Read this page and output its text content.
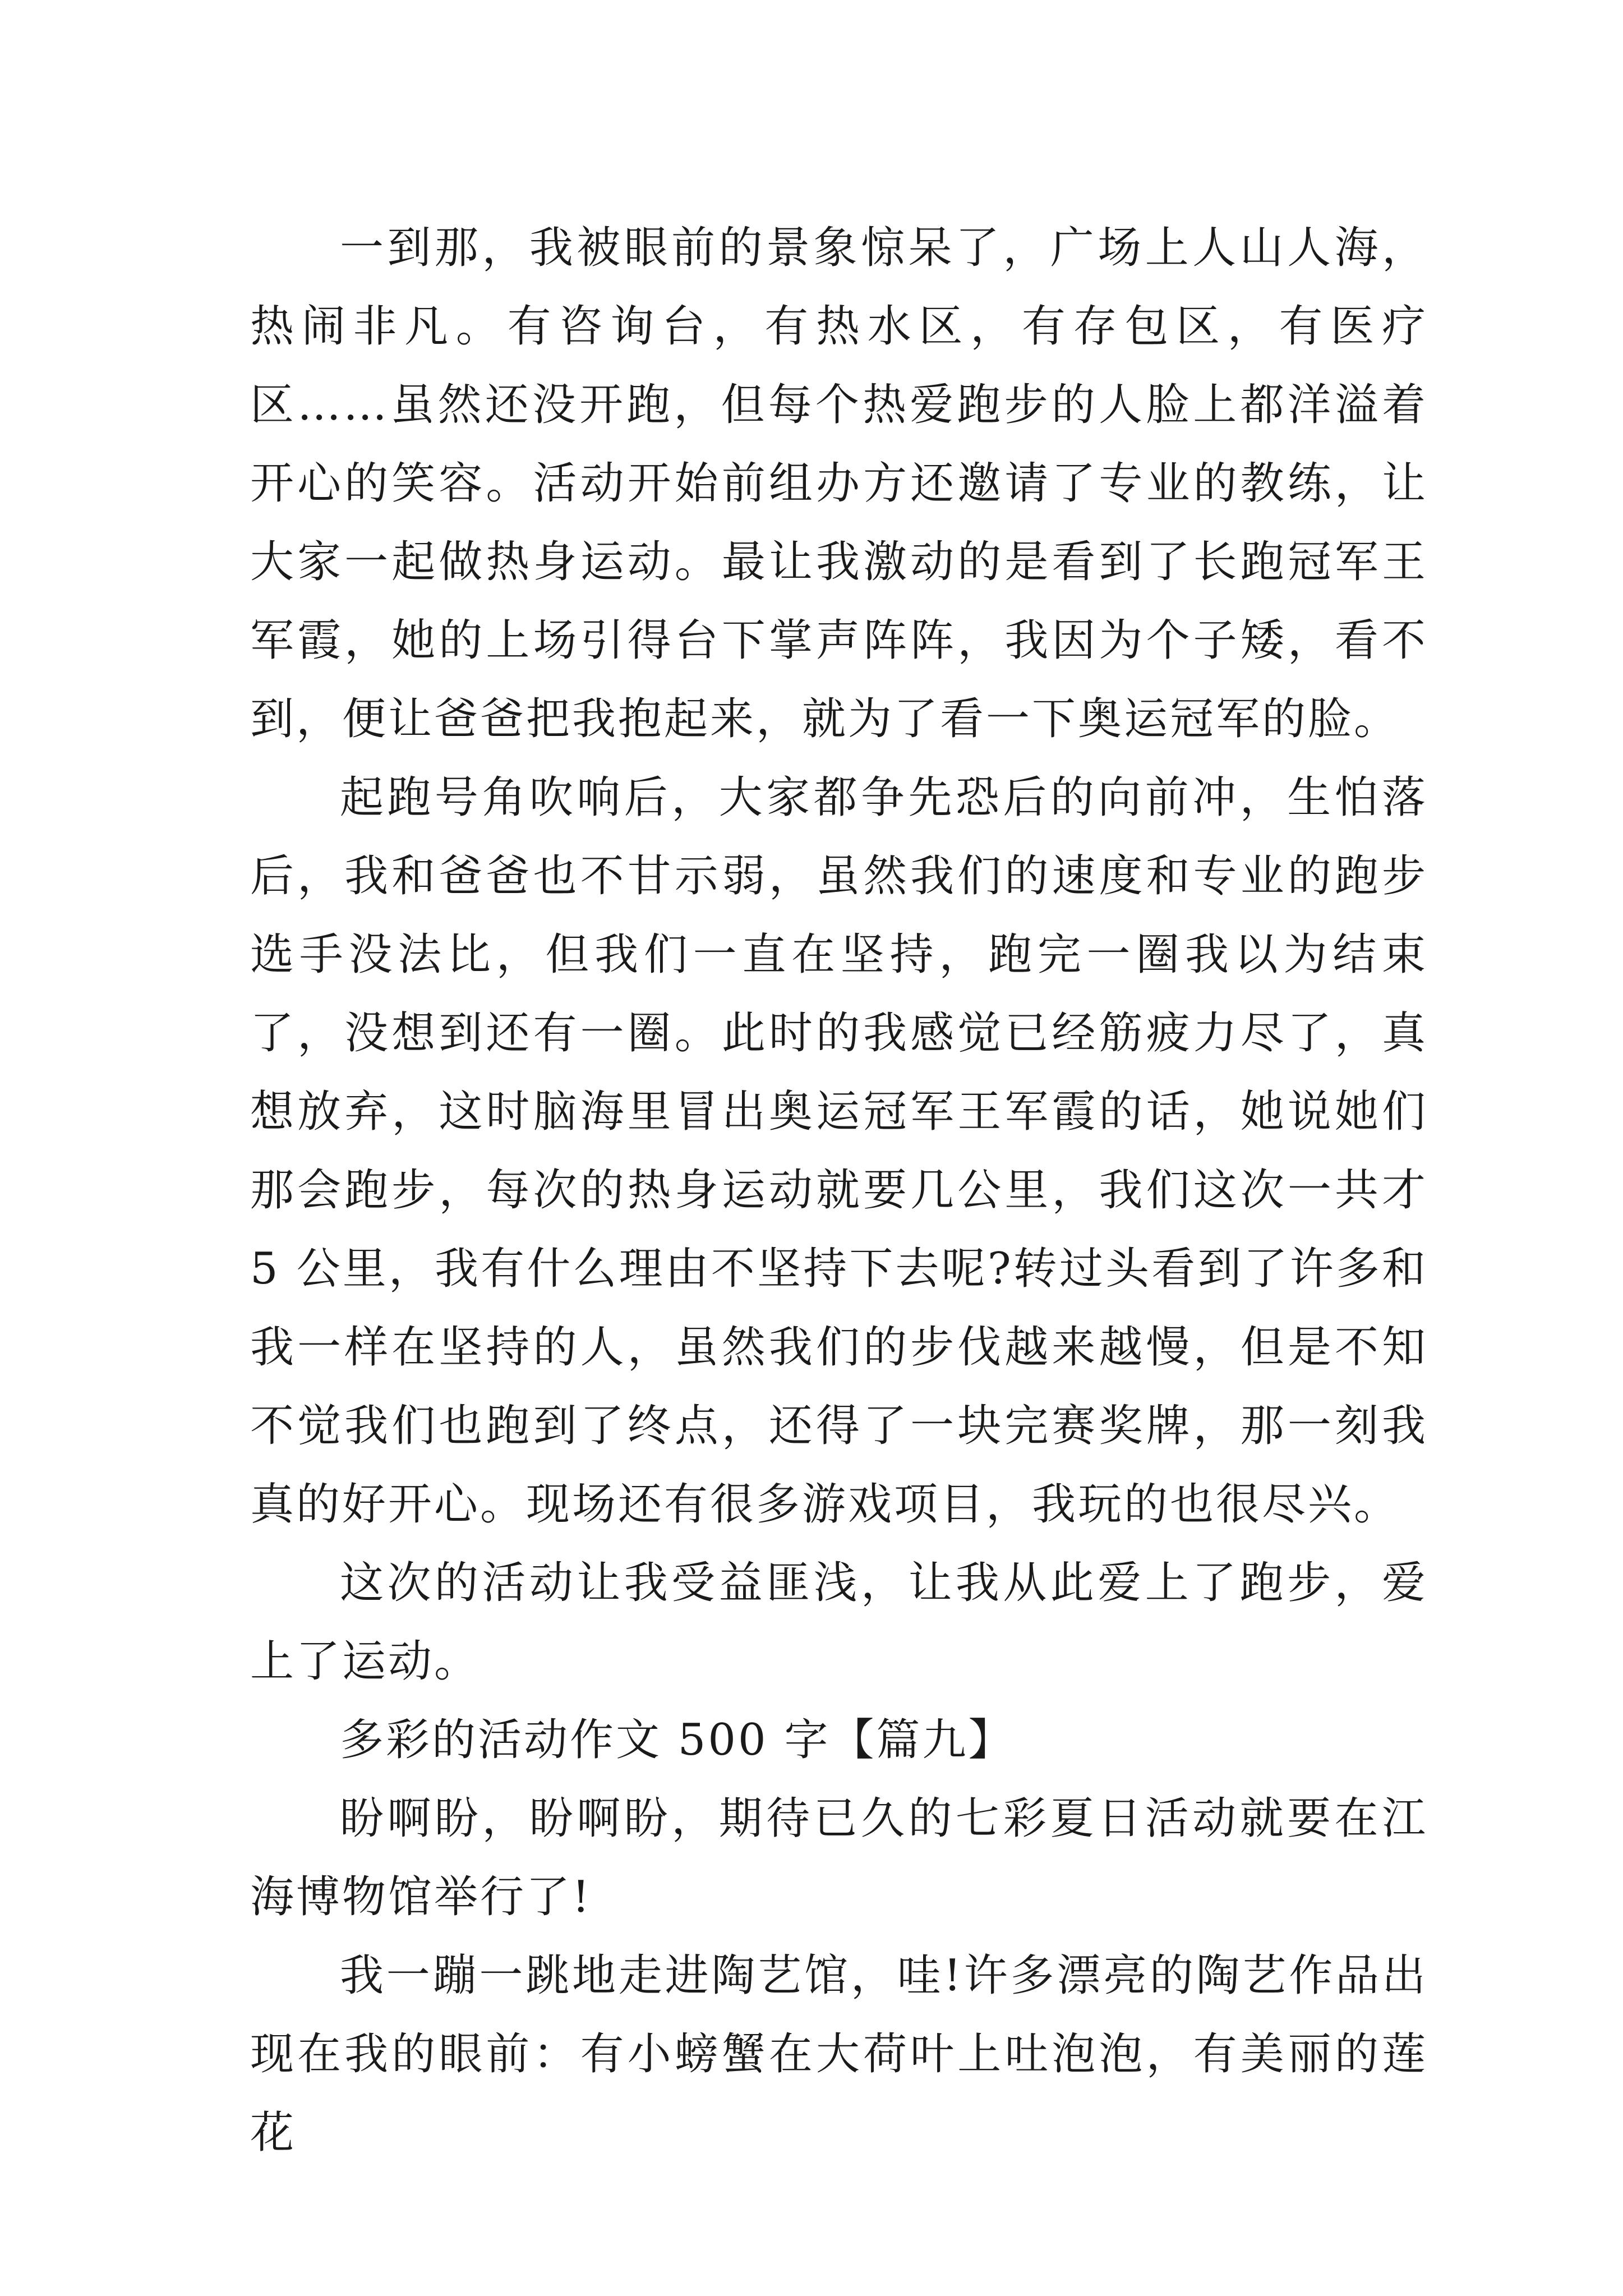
一到那，我被眼前的景象惊呆了，广场上人山人海，热闹非凡。有咨询台，有热水区，有存包区，有医疗区……虽然还没开跑，但每个热爱跑步的人脸上都洋溢着开心的笑容。活动开始前组办方还邀请了专业的教练，让大家一起做热身运动。最让我激动的是看到了长跑冠军王军霞，她的上场引得台下掌声阵阵，我因为个子矮，看不到，便让爸爸把我抱起来，就为了看一下奥运冠军的脸。

起跑号角吹响后，大家都争先恐后的向前冲，生怕落后，我和爸爸也不甘示弱，虽然我们的速度和专业的跑步选手没法比，但我们一直在坚持，跑完一圈我以为结束了，没想到还有一圈。此时的我感觉已经筋疲力尽了，真想放弃，这时脑海里冒出奥运冠军王军霞的话，她说她们那会跑步，每次的热身运动就要几公里，我们这次一共才 5 公里，我有什么理由不坚持下去呢?转过头看到了许多和我一样在坚持的人，虽然我们的步伐越来越慢，但是不知不觉我们也跑到了终点，还得了一块完赛奖牌，那一刻我真的好开心。现场还有很多游戏项目，我玩的也很尽兴。

这次的活动让我受益匪浅，让我从此爱上了跑步，爱上了运动。

多彩的活动作文 500 字【篇九】

盼啊盼，盼啊盼，期待已久的七彩夏日活动就要在江海博物馆举行了!

我一蹦一跳地走进陶艺馆，哇!许多漂亮的陶艺作品出现在我的眼前：有小螃蟹在大荷叶上吐泡泡，有美丽的莲花
